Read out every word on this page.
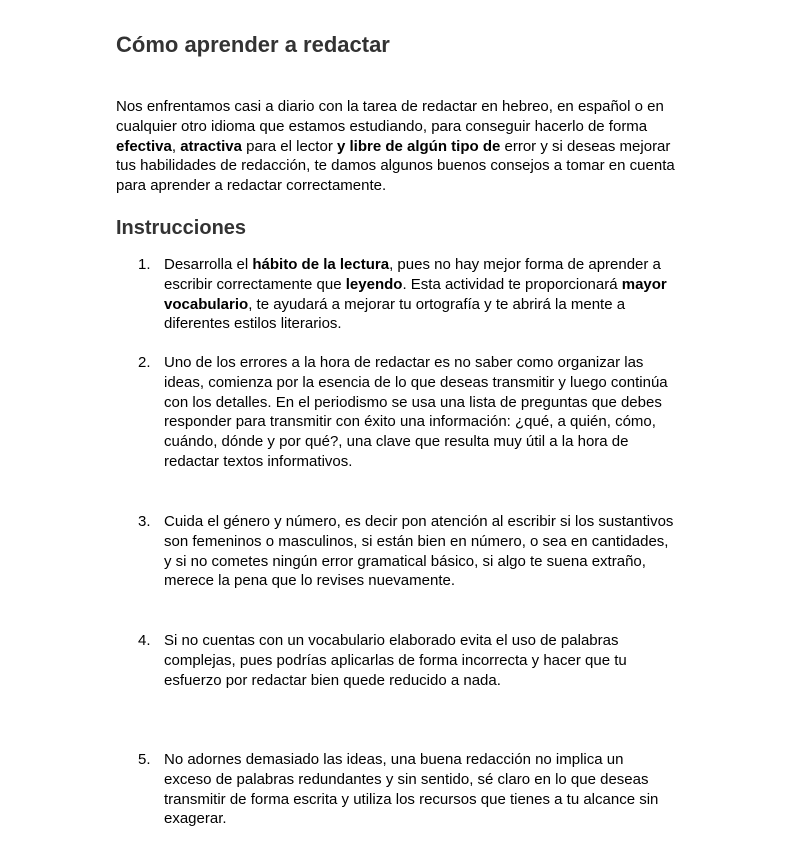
Cómo aprender a redactar

Nos enfrentamos casi a diario con la tarea de redactar en hebreo, en español o en cualquier otro idioma que estamos estudiando, para conseguir hacerlo de forma efectiva, atractiva para el lector y libre de algún tipo de error y si deseas mejorar tus habilidades de redacción, te damos algunos buenos consejos a tomar en cuenta para aprender a redactar correctamente.

Instrucciones
1. Desarrolla el hábito de la lectura, pues no hay mejor forma de aprender a escribir correctamente que leyendo. Esta actividad te proporcionará mayor vocabulario, te ayudará a mejorar tu ortografía y te abrirá la mente a diferentes estilos literarios.
2. Uno de los errores a la hora de redactar es no saber como organizar las ideas, comienza por la esencia de lo que deseas transmitir y luego continúa con los detalles. En el periodismo se usa una lista de preguntas que debes responder para transmitir con éxito una información: ¿qué, a quién, cómo, cuándo, dónde y por qué?, una clave que resulta muy útil a la hora de redactar textos informativos.
3. Cuida el género y número, es decir pon atención al escribir si los sustantivos son femeninos o masculinos, si están bien en número, o sea en cantidades, y si no cometes ningún error gramatical básico, si algo te suena extraño, merece la pena que lo revises nuevamente.
4. Si no cuentas con un vocabulario elaborado evita el uso de palabras complejas, pues podrías aplicarlas de forma incorrecta y hacer que tu esfuerzo por redactar bien quede reducido a nada.
5. No adornes demasiado las ideas, una buena redacción no implica un exceso de palabras redundantes y sin sentido, sé claro en lo que deseas transmitir de forma escrita y utiliza los recursos que tienes a tu alcance sin exagerar.
